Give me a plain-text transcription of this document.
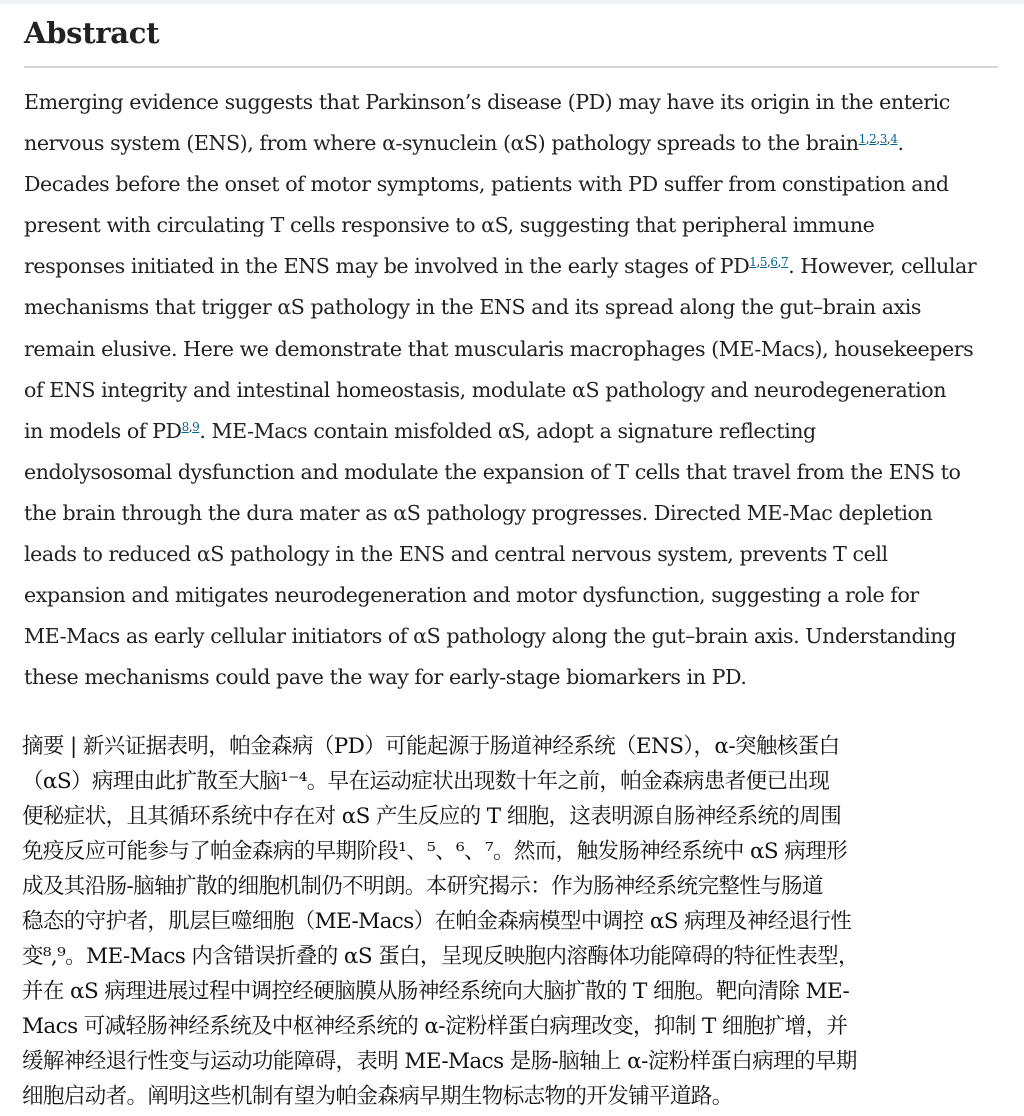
Abstract
Emerging evidence suggests that Parkinson’s disease (PD) may have its origin in the enteric
nervous system (ENS), from where α-synuclein (αS) pathology spreads to the brain$^{1,2,3,4}$.
Decades before the onset of motor symptoms, patients with PD suffer from constipation and
present with circulating T cells responsive to αS, suggesting that peripheral immune
responses initiated in the ENS may be involved in the early stages of PD$^{1,5,6,7}$. However, cellular
mechanisms that trigger αS pathology in the ENS and its spread along the gut–brain axis
remain elusive. Here we demonstrate that muscularis macrophages (ME-Macs), housekeepers
of ENS integrity and intestinal homeostasis, modulate αS pathology and neurodegeneration
in models of PD$^{8,9}$. ME-Macs contain misfolded αS, adopt a signature reflecting
endolysosomal dysfunction and modulate the expansion of T cells that travel from the ENS to
the brain through the dura mater as αS pathology progresses. Directed ME-Mac depletion
leads to reduced αS pathology in the ENS and central nervous system, prevents T cell
expansion and mitigates neurodegeneration and motor dysfunction, suggesting a role for
ME-Macs as early cellular initiators of αS pathology along the gut–brain axis. Understanding
these mechanisms could pave the way for early-stage biomarkers in PD.
摘要 | 新兴证据表明，帕金森病（PD）可能起源于肠道神经系统（ENS），α-突触核蛋白
（αS）病理由此扩散至大脑¹⁻⁴。早在运动症状出现数十年之前，帕金森病患者便已出现
便秘症状，且其循环系统中存在对 αS 产生反应的 T 细胞，这表明源自肠神经系统的周围
免疫反应可能参与了帕金森病的早期阶段¹、⁵、⁶、⁷。然而，触发肠神经系统中 αS 病理形
成及其沿肠-脑轴扩散的细胞机制仍不明朗。本研究揭示：作为肠神经系统完整性与肠道
稳态的守护者，肌层巨噬细胞（ME-Macs）在帕金森病模型中调控 αS 病理及神经退行性
变⁸,⁹。ME-Macs 内含错误折叠的 αS 蛋白，呈现反映胞内溶酶体功能障碍的特征性表型，
并在 αS 病理进展过程中调控经硬脑膜从肠神经系统向大脑扩散的 T 细胞。靶向清除 ME-
Macs 可减轻肠神经系统及中枢神经系统的 α-淀粉样蛋白病理改变，抑制 T 细胞扩增，并
缓解神经退行性变与运动功能障碍，表明 ME-Macs 是肠-脑轴上 α-淀粉样蛋白病理的早期
细胞启动者。阐明这些机制有望为帕金森病早期生物标志物的开发铺平道路。
